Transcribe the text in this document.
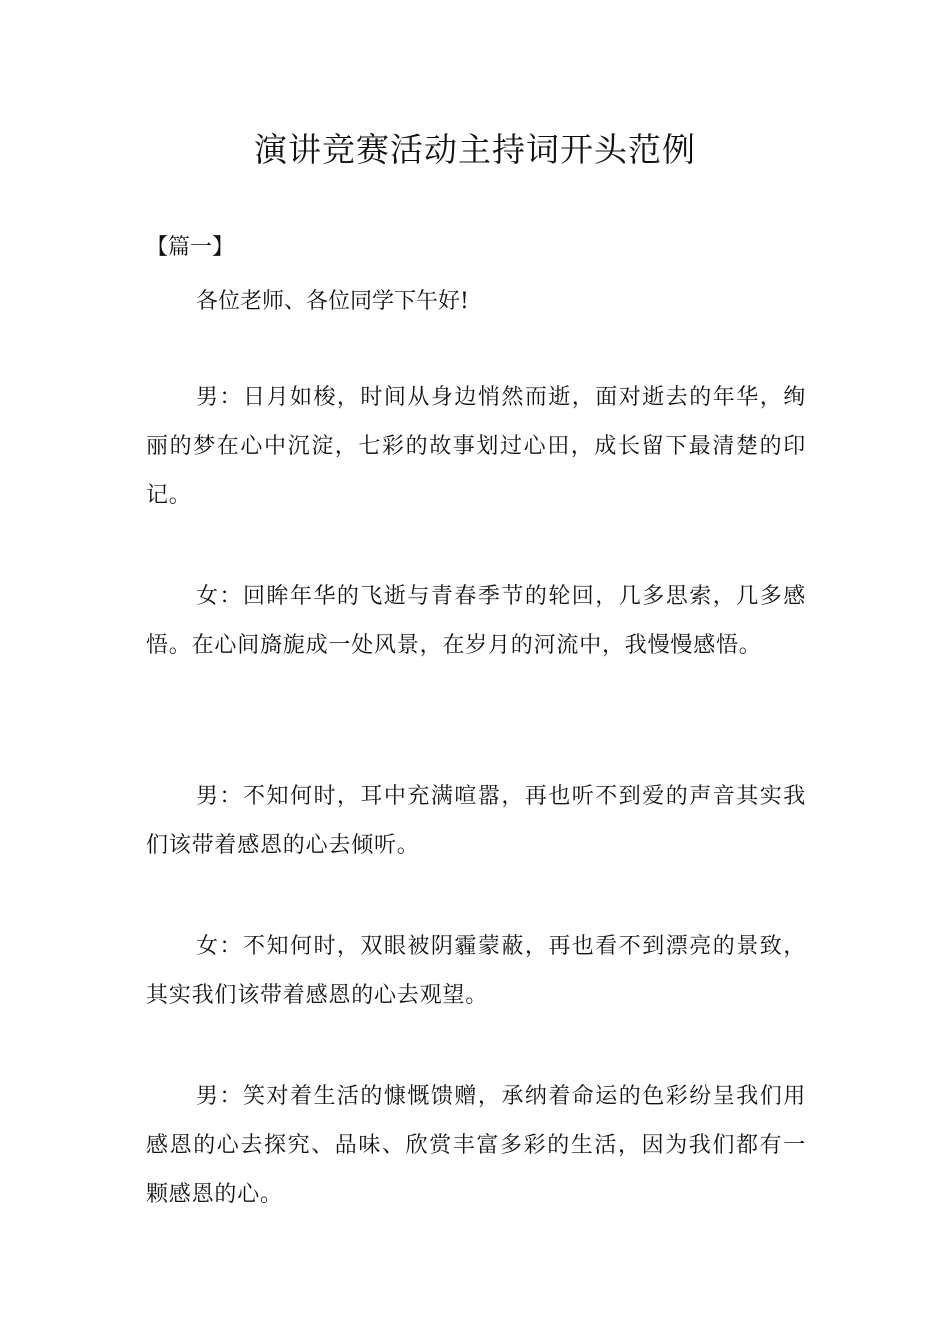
演讲竞赛活动主持词开头范例

【篇一】

各位老师、各位同学下午好!

男：日月如梭，时间从身边悄然而逝，面对逝去的年华，绚丽的梦在心中沉淀，七彩的故事划过心田，成长留下最清楚的印记。

女：回眸年华的飞逝与青春季节的轮回，几多思索，几多感悟。在心间旖旎成一处风景，在岁月的河流中，我慢慢感悟。

男：不知何时，耳中充满喧嚣，再也听不到爱的声音其实我们该带着感恩的心去倾听。

女：不知何时，双眼被阴霾蒙蔽，再也看不到漂亮的景致，其实我们该带着感恩的心去观望。

男：笑对着生活的慷慨馈赠，承纳着命运的色彩纷呈我们用感恩的心去探究、品味、欣赏丰富多彩的生活，因为我们都有一颗感恩的心。
